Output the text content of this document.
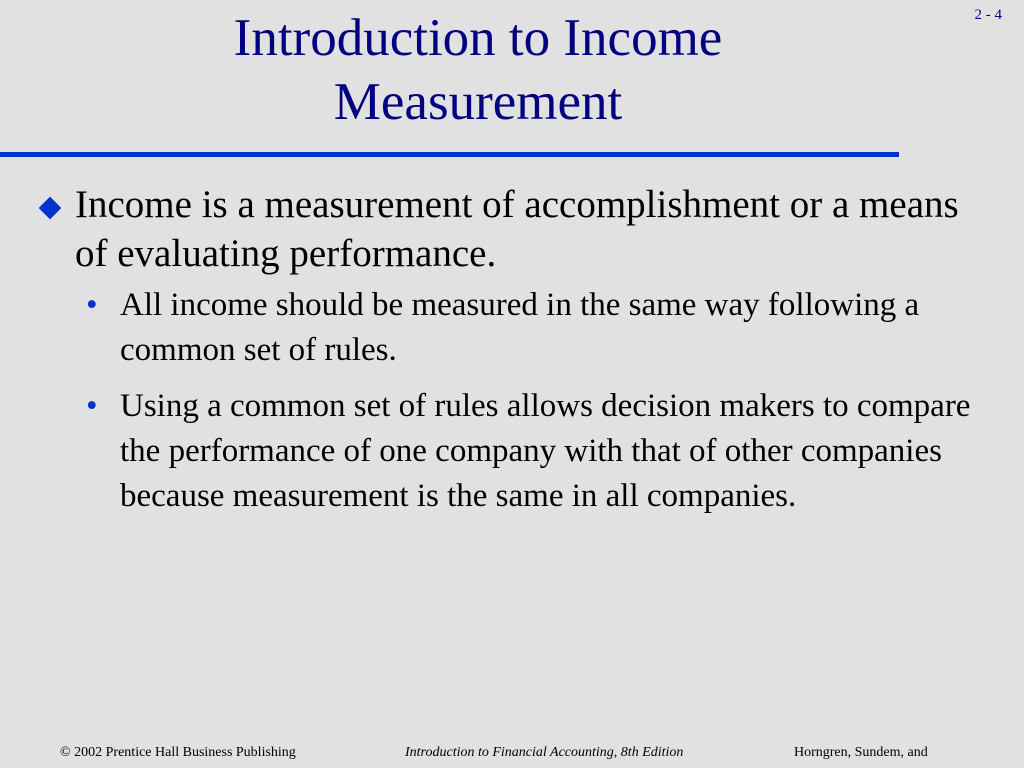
2 - 4
Introduction to Income
Measurement
Income is a measurement of accomplishment or a means of evaluating performance.
• All income should be measured in the same way following a common set of rules.
• Using a common set of rules allows decision makers to compare the performance of one company with that of other companies because measurement is the same in all companies.
© 2002 Prentice Hall Business Publishing	Introduction to Financial Accounting, 8th Edition	Horngren, Sundem, and
